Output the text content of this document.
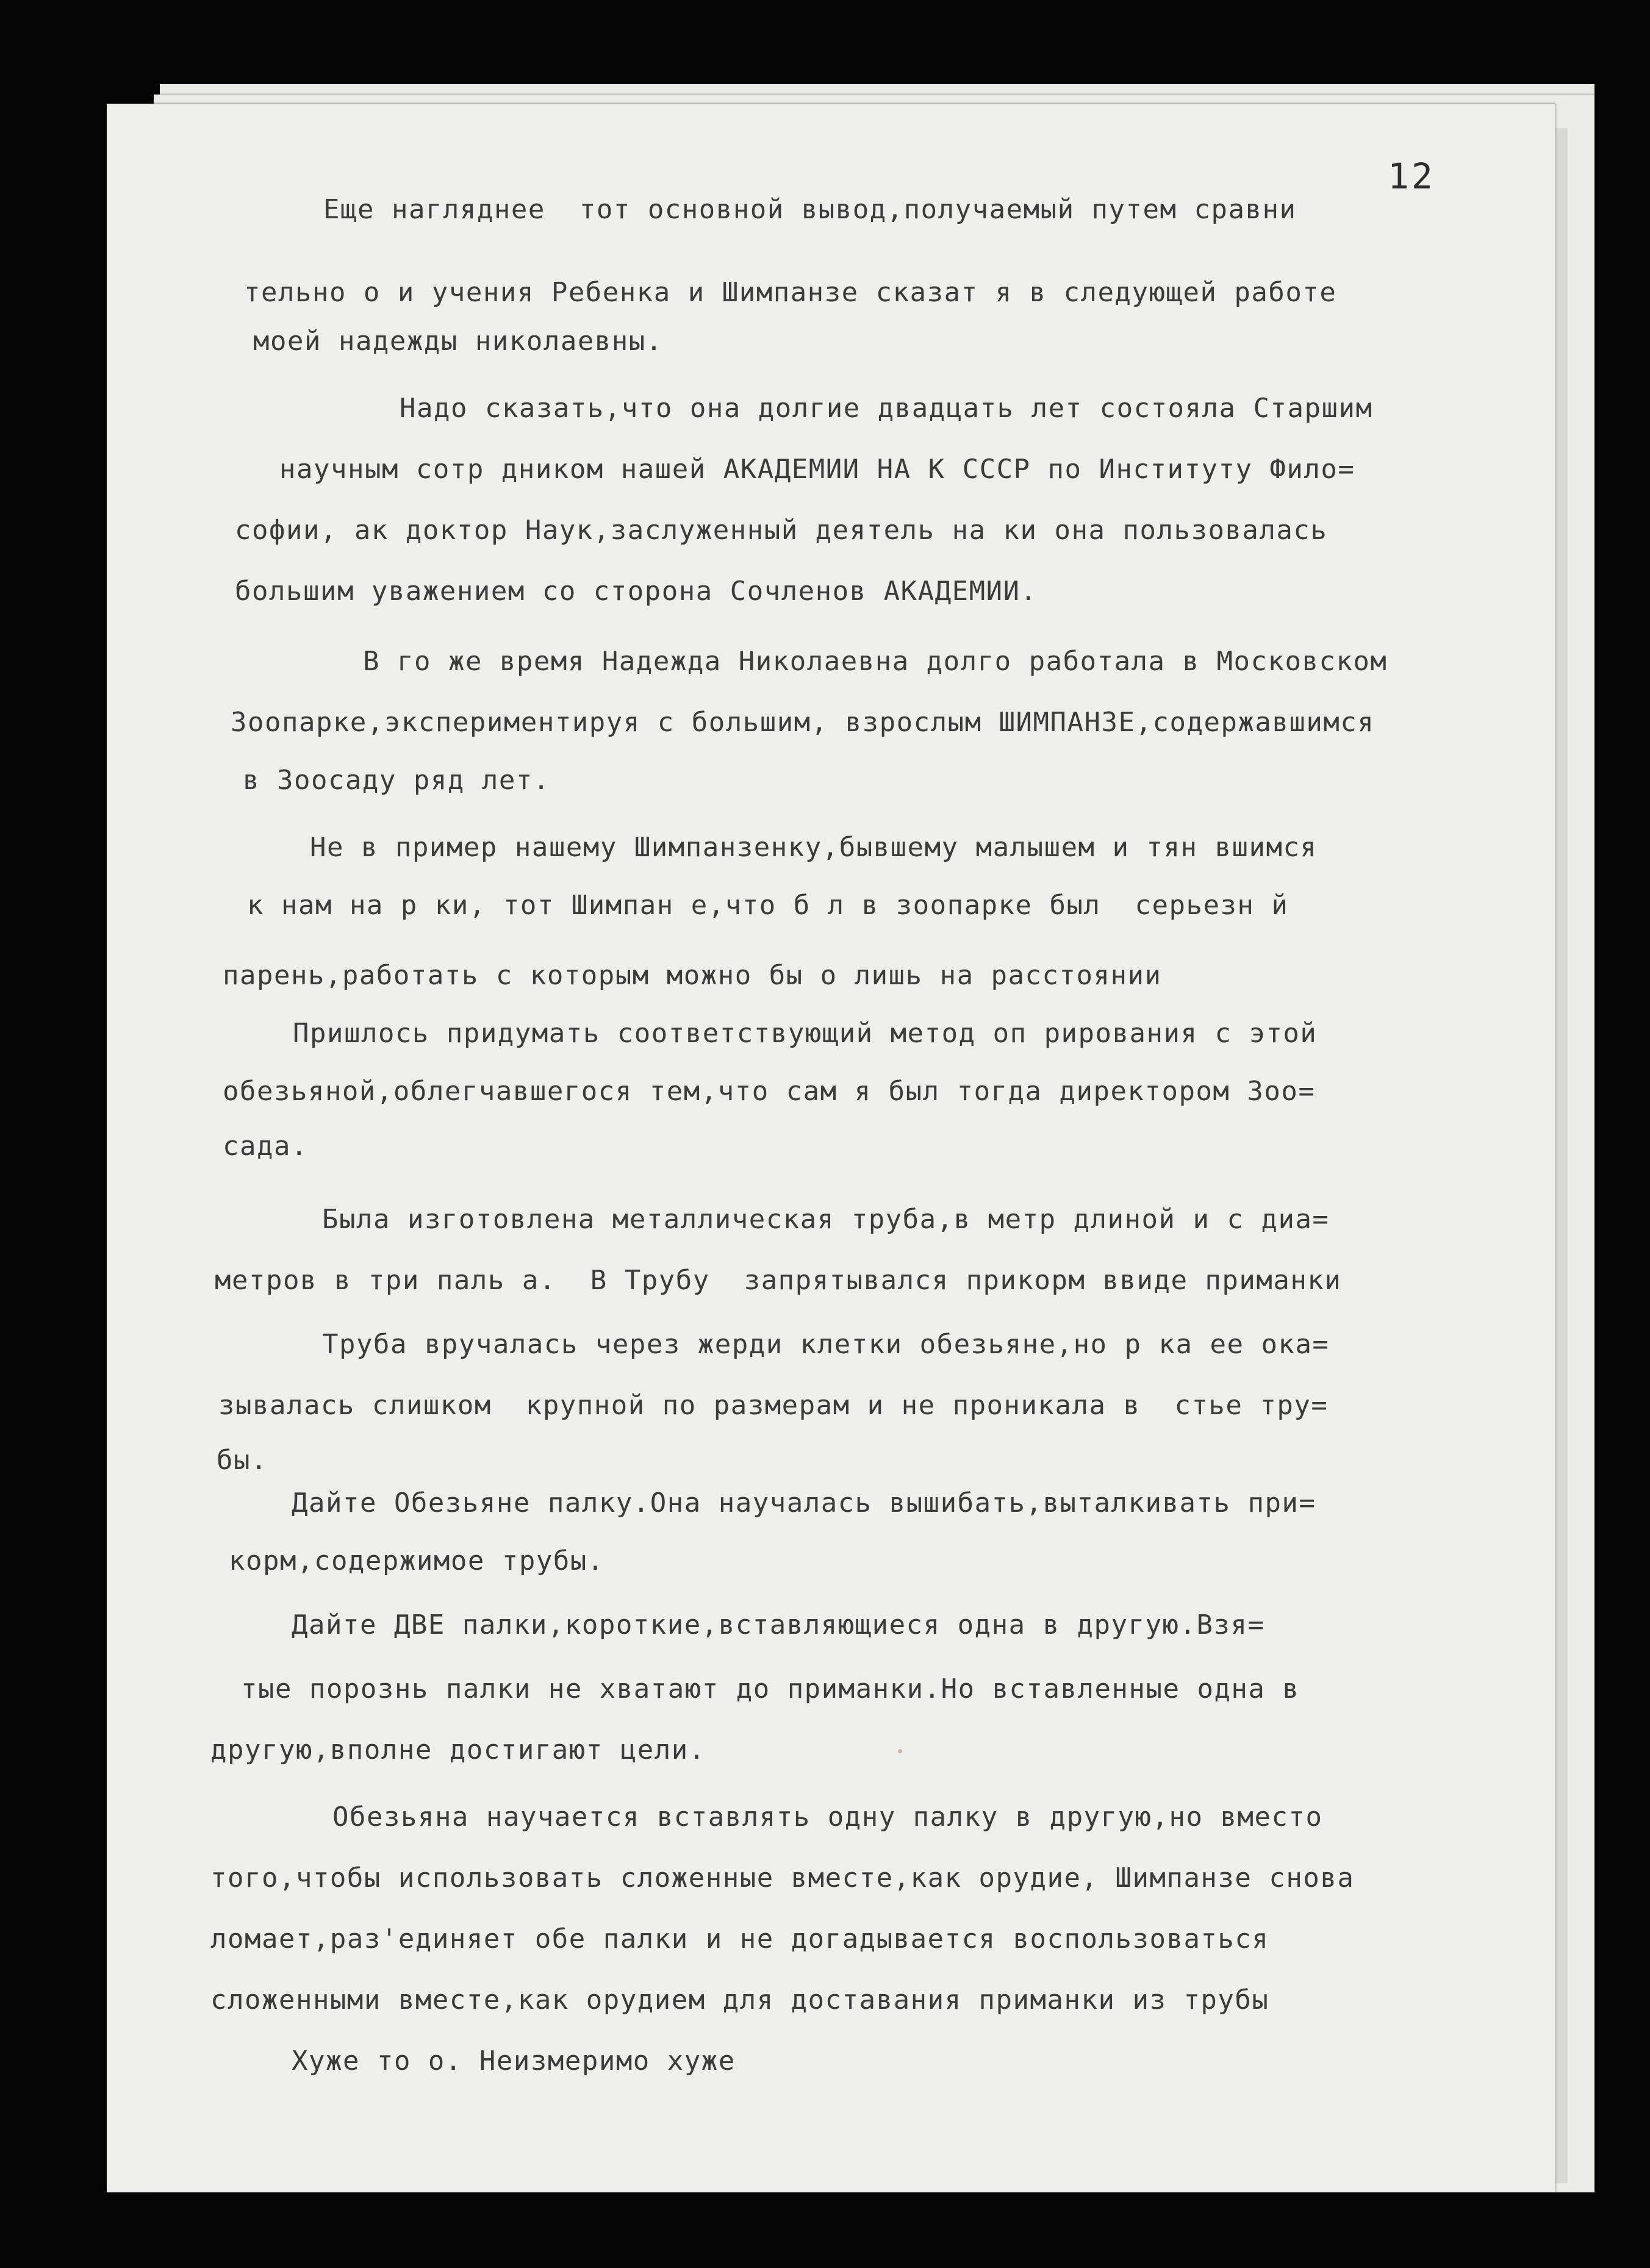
12
Еще нагляднее  тот основной вывод,получаемый путем сравни
тельно о и учения Ребенка и Шимпанзе сказат я в следующей работе
моей надежды николаевны.
Надо сказать,что она долгие двадцать лет состояла Старшим
научным сотр дником нашей АКАДЕМИИ НА К СССР по Институту Фило=
софии, ак доктор Наук,заслуженный деятель на ки она пользовалась
большим уважением со сторона Сочленов АКАДЕМИИ.
В го же время Надежда Николаевна долго работала в Московском
Зоопарке,экспериментируя с большим, взрослым ШИМПАНЗЕ,содержавшимся
в Зоосаду ряд лет.
Не в пример нашему Шимпанзенку,бывшему малышем и тян вшимся
к нам на р ки, тот Шимпан е,что б л в зоопарке был  серьезн й
парень,работать с которым можно бы о лишь на расстоянии
Пришлось придумать соответствующий метод оп рирования с этой
обезьяной,облегчавшегося тем,что сам я был тогда директором Зоо=
сада.
Была изготовлена металлическая труба,в метр длиной и с диа=
метров в три паль а.  В Трубу  запрятывался прикорм ввиде приманки
Труба вручалась через жерди клетки обезьяне,но р ка ее ока=
зывалась слишком  крупной по размерам и не проникала в  стье тру=
бы.
Дайте Обезьяне палку.Она научалась вышибать,выталкивать при=
корм,содержимое трубы.
Дайте ДВЕ палки,короткие,вставляющиеся одна в другую.Взя=
тые порознь палки не хватают до приманки.Но вставленные одна в
другую,вполне достигают цели.
Обезьяна научается вставлять одну палку в другую,но вместо
того,чтобы использовать сложенные вместе,как орудие, Шимпанзе снова
ломает,раз'единяет обе палки и не догадывается воспользоваться
сложенными вместе,как орудием для доставания приманки из трубы
Хуже то о. Неизмеримо хуже
